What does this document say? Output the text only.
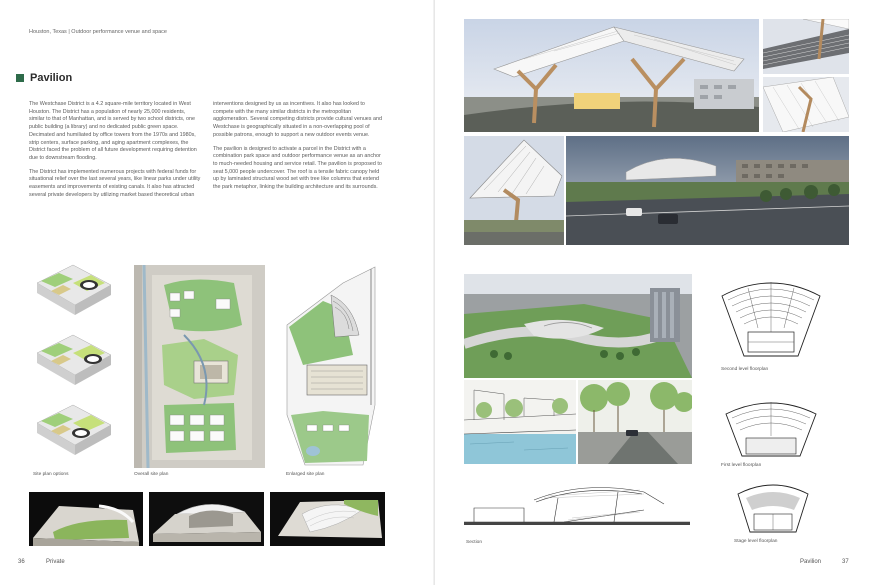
Houston, Texas | Outdoor performance venue and space
Pavilion

The Westchase District is a 4.2 square-mile territory located in West Houston. The District has a population of nearly 25,000 residents, similar to that of Manhattan, and is served by two school districts, one public building (a library) and no dedicated public green space. Decimated and humiliated by office towers from the 1970s and 1980s, strip centers, surface parking, and aging apartment complexes, the District faced the problem of all future development requiring detention due to downstream flooding.

The District has implemented numerous projects with federal funds for situational relief over the last several years, like linear parks under utility easements and improvements of existing canals. It also has attracted several private developers by utilizing market based theoretical urban

interventions designed by us as incentives. It also has looked to compete with the many similar districts in the metropolitan agglomeration. Several competing districts provide cultural venues and Westchase is geographically situated in a non-overlapping pool of possible patrons, enough to support a new outdoor events venue.

The pavilion is designed to activate a parcel in the District with a combination park space and outdoor performance venue as an anchor to much-needed housing and service retail. The pavilion is proposed to seat 5,000 people undercover. The roof is a tensile fabric canopy held up by laminated structural wood set with tree like columns that extend the park metaphor, linking the building architecture and its surrounds.

Site plan options	Overall site plan	Enlarged site plan
36	Private
Section
Second level floorplan
First level floorplan
Stage level floorplan
Pavilion	37
